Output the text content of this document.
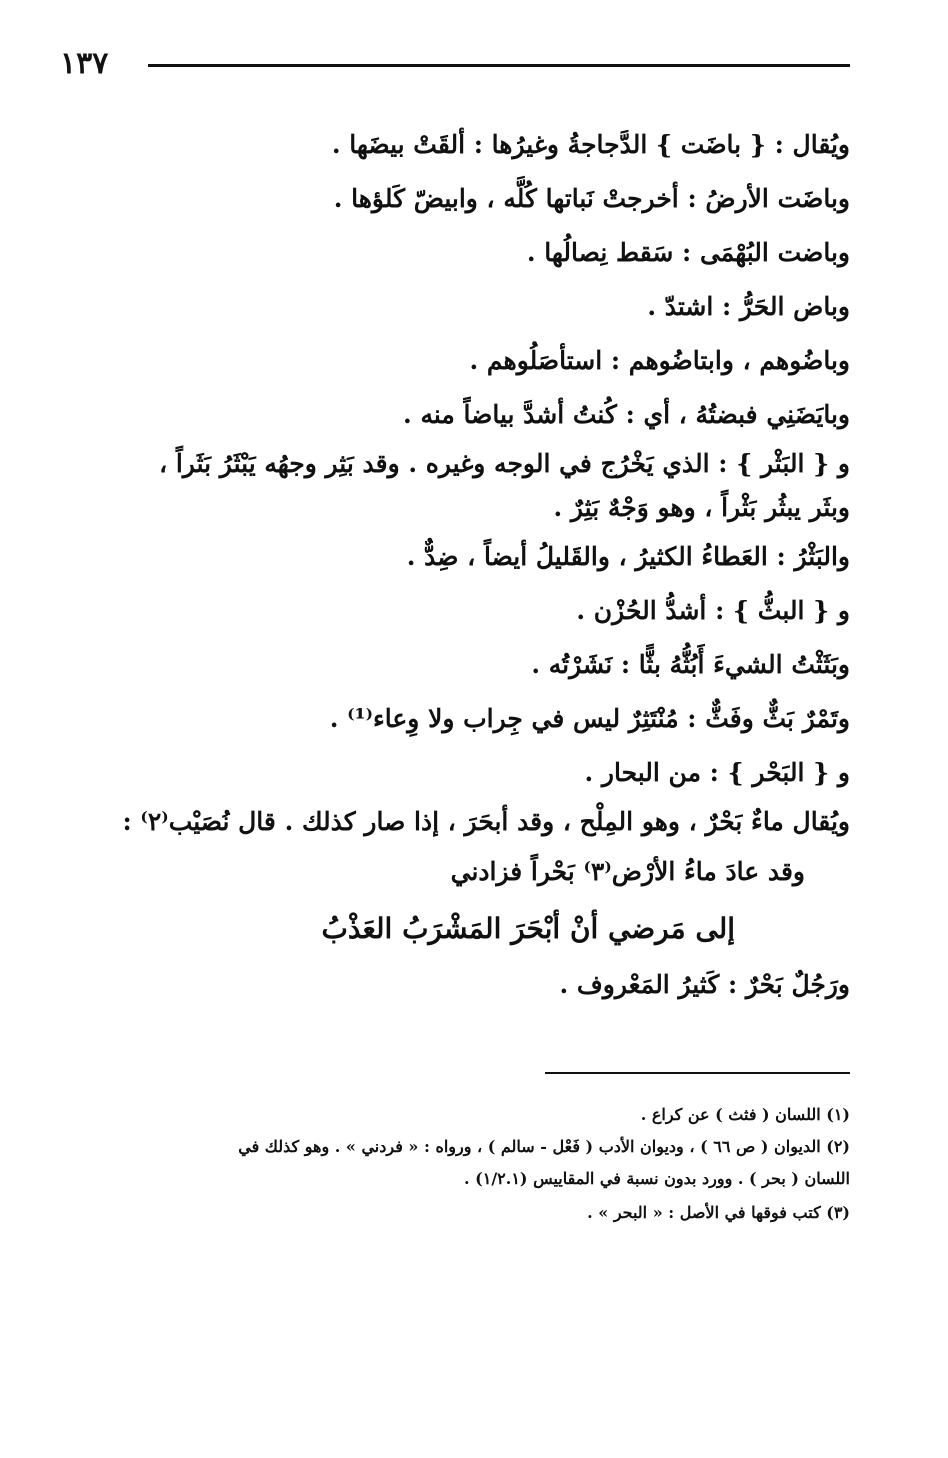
١٣٧
ويُقال : { باضَت } الدَّجاجةُ وغيرُها : ألقَتْ بيضَها .
وباضَت الأرضُ : أخرجتْ نَباتها كُلَّه ، وابيضّ كَلؤها .
وباضت البُهْمَى : سَقط نِصالُها .
وباض الحَرُّ : اشتدّ .
وباضُوهم ، وابتاضُوهم : استأصَلُوهم .
وبايَضَنِي فبضتُهُ ، أي : كُنتُ أشدَّ بياضاً منه .
و { البَثْر } : الذي يَخْرُج في الوجه وغيره . وقد بَثِر وجهُه يَبْثَرُ بَثَراً ،
وبثَر يبثُر بَثْراً ، وهو وَجْهٌ بَثِرٌ .
والبَثْرُ : العَطاءُ الكثيرُ ، والقَليلُ أيضاً ، ضِدٌّ .
و { البثُّ } : أشدُّ الحُزْن .
وبَثَثْتُ الشيءَ أَبُثُّهُ بثًّا : نَشَرْتُه .
وتَمْرٌ بَثٌّ وفَثٌّ : مُنْتَثِرٌ ليس في جِراب ولا وِعاء⁽¹⁾ .
و { البَحْر } : من البحار .
ويُقال ماءٌ بَحْرٌ ، وهو المِلْح ، وقد أبحَرَ ، إذا صار كذلك . قال نُصَيْب⁽٢⁾ :
وقد عادَ ماءُ الأرْض⁽٣⁾ بَحْراً فزادني
إلى مَرضي أنْ أبْحَرَ المَشْرَبُ العَذْبُ
ورَجُلٌ بَحْرٌ : كَثيرُ المَعْروف .
(١) اللسان ( فثث ) عن كراع .
(٢) الديوان ( ص ٦٦ ) ، وديوان الأدب ( فَعْل - سالم ) ، ورواه : « فردني » . وهو كذلك في
اللسان ( بحر ) . وورد بدون نسبة في المقاييس (١/٢.١) .
(٣) كتب فوقها في الأصل : « البحر » .
